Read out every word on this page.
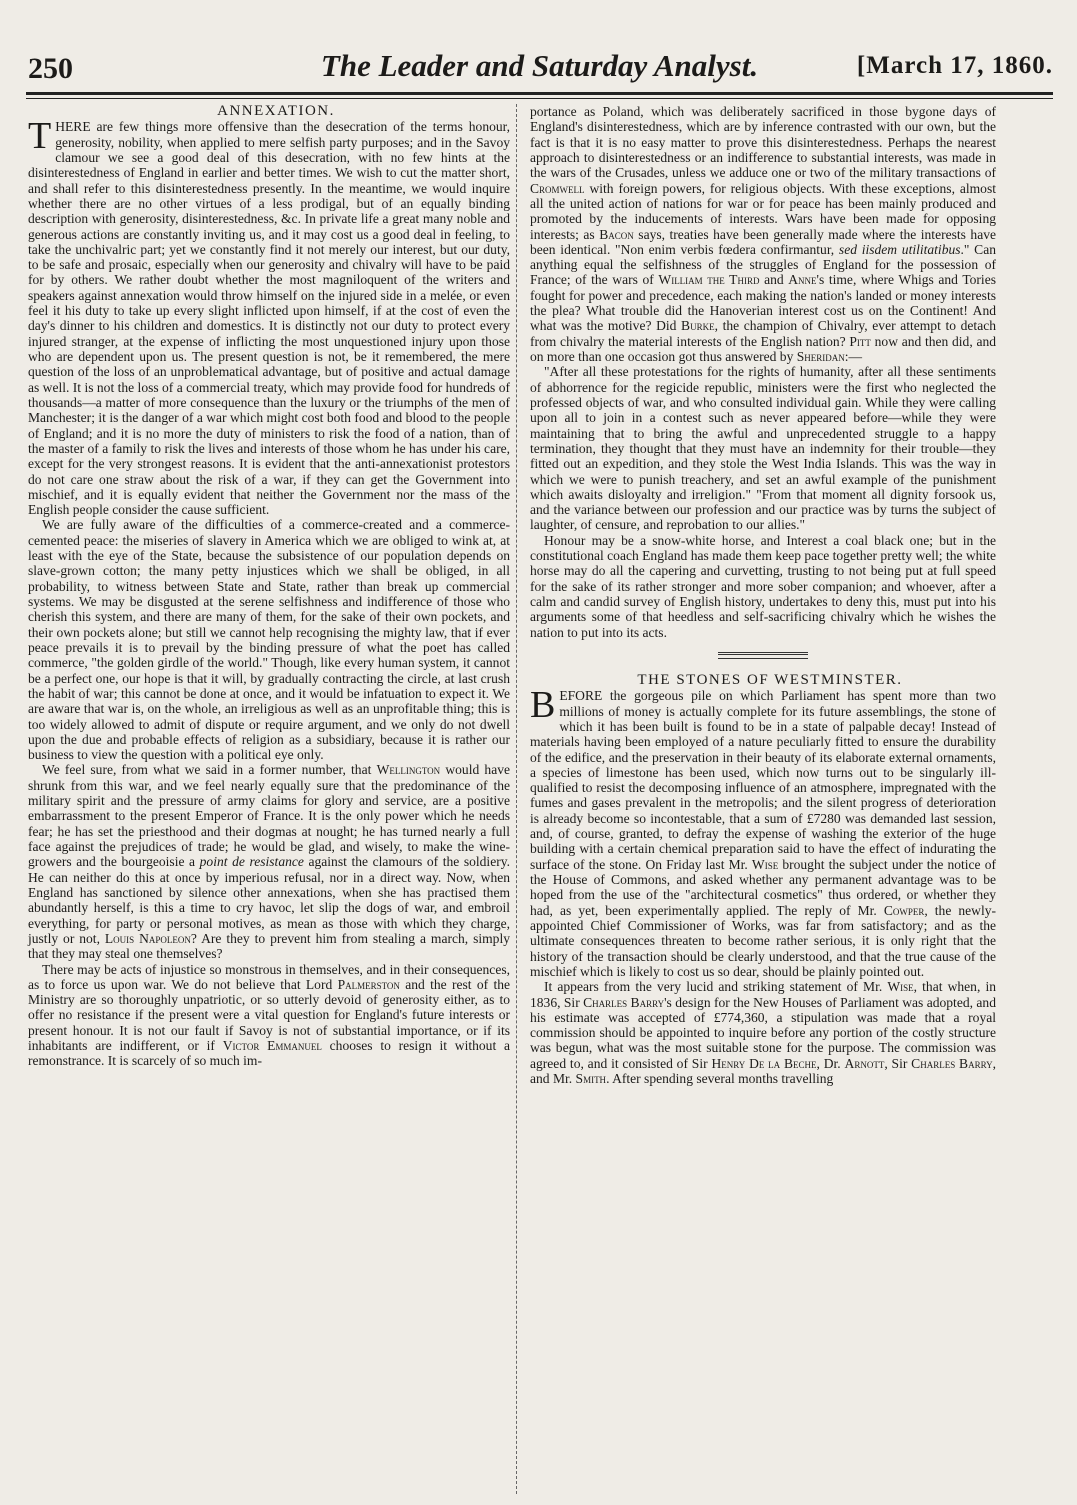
250	The Leader and Saturday Analyst.	[March 17, 1860.

ANNEXATION.

THERE are few things more offensive than the desecration of the terms honour, generosity, nobility, when applied to mere selfish party purposes; and in the Savoy clamour we see a good deal of this desecration, with no few hints at the disinterestedness of England in earlier and better times. We wish to cut the matter short, and shall refer to this disinterestedness presently. In the meantime, we would inquire whether there are no other virtues of a less prodigal, but of an equally binding description with generosity, disinterestedness, &c. In private life a great many noble and generous actions are constantly inviting us, and it may cost us a good deal in feeling, to take the unchivalric part; yet we constantly find it not merely our interest, but our duty, to be safe and prosaic, especially when our generosity and chivalry will have to be paid for by others. We rather doubt whether the most magniloquent of the writers and speakers against annexation would throw himself on the injured side in a melée, or even feel it his duty to take up every slight inflicted upon himself, if at the cost of even the day's dinner to his children and domestics. It is distinctly not our duty to protect every injured stranger, at the expense of inflicting the most unquestioned injury upon those who are dependent upon us. The present question is not, be it remembered, the mere question of the loss of an unproblematical advantage, but of positive and actual damage as well. It is not the loss of a commercial treaty, which may provide food for hundreds of thousands—a matter of more consequence than the luxury or the triumphs of the men of Manchester; it is the danger of a war which might cost both food and blood to the people of England; and it is no more the duty of ministers to risk the food of a nation, than of the master of a family to risk the lives and interests of those whom he has under his care, except for the very strongest reasons. It is evident that the anti-annexationist protestors do not care one straw about the risk of a war, if they can get the Government into mischief, and it is equally evident that neither the Government nor the mass of the English people consider the cause sufficient.

We are fully aware of the difficulties of a commerce-created and a commerce-cemented peace: the miseries of slavery in America which we are obliged to wink at, at least with the eye of the State, because the subsistence of our population depends on slave-grown cotton; the many petty injustices which we shall be obliged, in all probability, to witness between State and State, rather than break up commercial systems. We may be disgusted at the serene selfishness and indifference of those who cherish this system, and there are many of them, for the sake of their own pockets, and their own pockets alone; but still we cannot help recognising the mighty law, that if ever peace prevails it is to prevail by the binding pressure of what the poet has called commerce, "the golden girdle of the world." Though, like every human system, it cannot be a perfect one, our hope is that it will, by gradually contracting the circle, at last crush the habit of war; this cannot be done at once, and it would be infatuation to expect it. We are aware that war is, on the whole, an irreligious as well as an unprofitable thing; this is too widely allowed to admit of dispute or require argument, and we only do not dwell upon the due and probable effects of religion as a subsidiary, because it is rather our business to view the question with a political eye only.

We feel sure, from what we said in a former number, that Wellington would have shrunk from this war, and we feel nearly equally sure that the predominance of the military spirit and the pressure of army claims for glory and service, are a positive embarrassment to the present Emperor of France. It is the only power which he needs fear; he has set the priesthood and their dogmas at nought; he has turned nearly a full face against the prejudices of trade; he would be glad, and wisely, to make the wine-growers and the bourgeoisie a point de resistance against the clamours of the soldiery. He can neither do this at once by imperious refusal, nor in a direct way. Now, when England has sanctioned by silence other annexations, when she has practised them abundantly herself, is this a time to cry havoc, let slip the dogs of war, and embroil everything, for party or personal motives, as mean as those with which they charge, justly or not, Louis Napoleon? Are they to prevent him from stealing a march, simply that they may steal one themselves?

There may be acts of injustice so monstrous in themselves, and in their consequences, as to force us upon war. We do not believe that Lord Palmerston and the rest of the Ministry are so thoroughly unpatriotic, or so utterly devoid of generosity either, as to offer no resistance if the present were a vital question for England's future interests or present honour. It is not our fault if Savoy is not of substantial importance, or if its inhabitants are indifferent, or if Victor Emmanuel chooses to resign it without a remonstrance. It is scarcely of so much im-

portance as Poland, which was deliberately sacrificed in those bygone days of England's disinterestedness, which are by inference contrasted with our own, but the fact is that it is no easy matter to prove this disinterestedness. Perhaps the nearest approach to disinterestedness or an indifference to substantial interests, was made in the wars of the Crusades, unless we adduce one or two of the military transactions of Cromwell with foreign powers, for religious objects. With these exceptions, almost all the united action of nations for war or for peace has been mainly produced and promoted by the inducements of interests. Wars have been made for opposing interests; as Bacon says, treaties have been generally made where the interests have been identical. "Non enim verbis fœdera confirmantur, sed iisdem utilitatibus." Can anything equal the selfishness of the struggles of England for the possession of France; of the wars of William the Third and Anne's time, where Whigs and Tories fought for power and precedence, each making the nation's landed or money interests the plea? What trouble did the Hanoverian interest cost us on the Continent! And what was the motive? Did Burke, the champion of Chivalry, ever attempt to detach from chivalry the material interests of the English nation? Pitt now and then did, and on more than one occasion got thus answered by Sheridan:—

"After all these protestations for the rights of humanity, after all these sentiments of abhorrence for the regicide republic, ministers were the first who neglected the professed objects of war, and who consulted individual gain. While they were calling upon all to join in a contest such as never appeared before—while they were maintaining that to bring the awful and unprecedented struggle to a happy termination, they thought that they must have an indemnity for their trouble—they fitted out an expedition, and they stole the West India Islands. This was the way in which we were to punish treachery, and set an awful example of the punishment which awaits disloyalty and irreligion." "From that moment all dignity forsook us, and the variance between our profession and our practice was by turns the subject of laughter, of censure, and reprobation to our allies."

Honour may be a snow-white horse, and Interest a coal black one; but in the constitutional coach England has made them keep pace together pretty well; the white horse may do all the capering and curvetting, trusting to not being put at full speed for the sake of its rather stronger and more sober companion; and whoever, after a calm and candid survey of English history, undertakes to deny this, must put into his arguments some of that heedless and self-sacrificing chivalry which he wishes the nation to put into its acts.

THE STONES OF WESTMINSTER.

BEFORE the gorgeous pile on which Parliament has spent more than two millions of money is actually complete for its future assemblings, the stone of which it has been built is found to be in a state of palpable decay! Instead of materials having been employed of a nature peculiarly fitted to ensure the durability of the edifice, and the preservation in their beauty of its elaborate external ornaments, a species of limestone has been used, which now turns out to be singularly ill-qualified to resist the decomposing influence of an atmosphere, impregnated with the fumes and gases prevalent in the metropolis; and the silent progress of deterioration is already become so incontestable, that a sum of £7280 was demanded last session, and, of course, granted, to defray the expense of washing the exterior of the huge building with a certain chemical preparation said to have the effect of indurating the surface of the stone. On Friday last Mr. Wise brought the subject under the notice of the House of Commons, and asked whether any permanent advantage was to be hoped from the use of the "architectural cosmetics" thus ordered, or whether they had, as yet, been experimentally applied. The reply of Mr. Cowper, the newly-appointed Chief Commissioner of Works, was far from satisfactory; and as the ultimate consequences threaten to become rather serious, it is only right that the history of the transaction should be clearly understood, and that the true cause of the mischief which is likely to cost us so dear, should be plainly pointed out.

It appears from the very lucid and striking statement of Mr. Wise, that when, in 1836, Sir Charles Barry's design for the New Houses of Parliament was adopted, and his estimate was accepted of £774,360, a stipulation was made that a royal commission should be appointed to inquire before any portion of the costly structure was begun, what was the most suitable stone for the purpose. The commission was agreed to, and it consisted of Sir Henry De la Beche, Dr. Arnott, Sir Charles Barry, and Mr. Smith. After spending several months travelling
